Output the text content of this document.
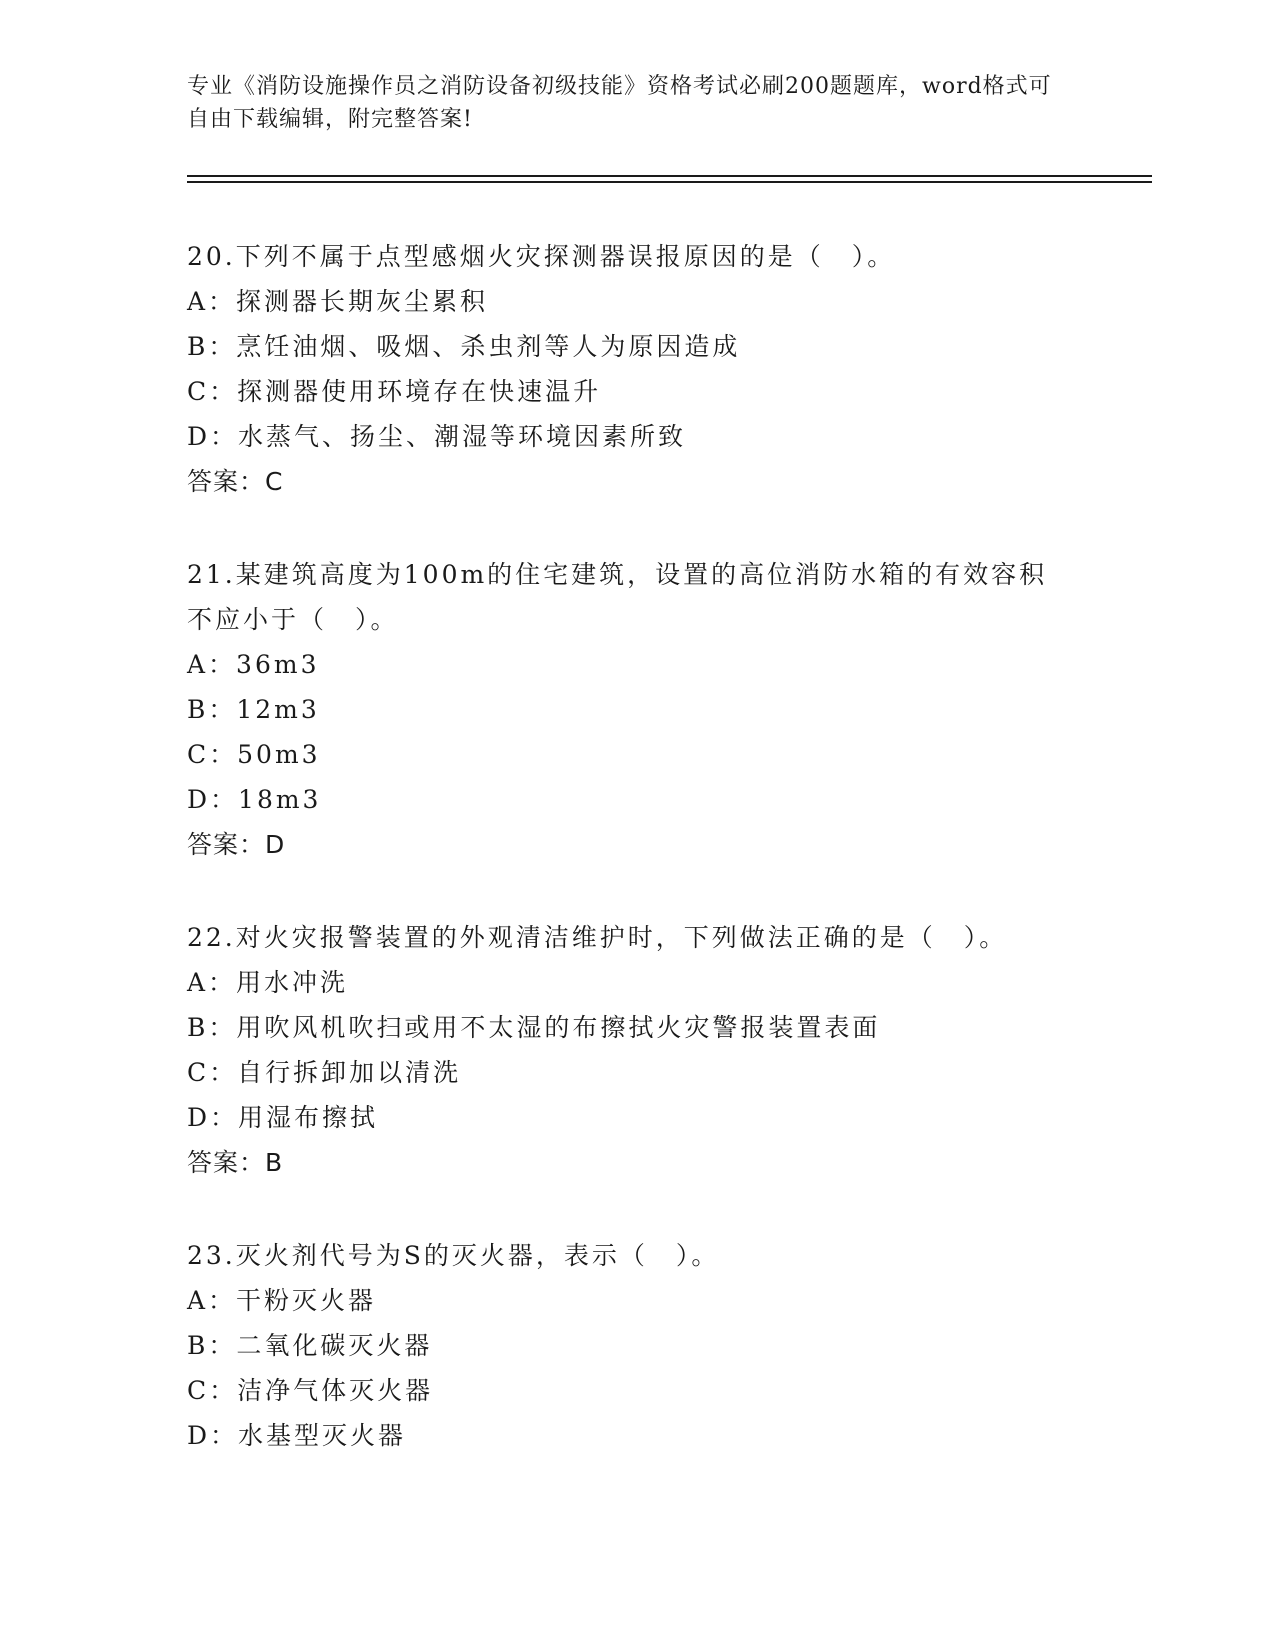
专业《消防设施操作员之消防设备初级技能》资格考试必刷200题题库，word格式可自由下载编辑，附完整答案!
20.下列不属于点型感烟火灾探测器误报原因的是（　）。
A：探测器长期灰尘累积
B：烹饪油烟、吸烟、杀虫剂等人为原因造成
C：探测器使用环境存在快速温升
D：水蒸气、扬尘、潮湿等环境因素所致
答案：C
21.某建筑高度为100m的住宅建筑，设置的高位消防水箱的有效容积不应小于（　）。
A：36m3
B：12m3
C：50m3
D：18m3
答案：D
22.对火灾报警装置的外观清洁维护时，下列做法正确的是（　）。
A：用水冲洗
B：用吹风机吹扫或用不太湿的布擦拭火灾警报装置表面
C：自行拆卸加以清洗
D：用湿布擦拭
答案：B
23.灭火剂代号为S的灭火器，表示（　）。
A：干粉灭火器
B：二氧化碳灭火器
C：洁净气体灭火器
D：水基型灭火器
